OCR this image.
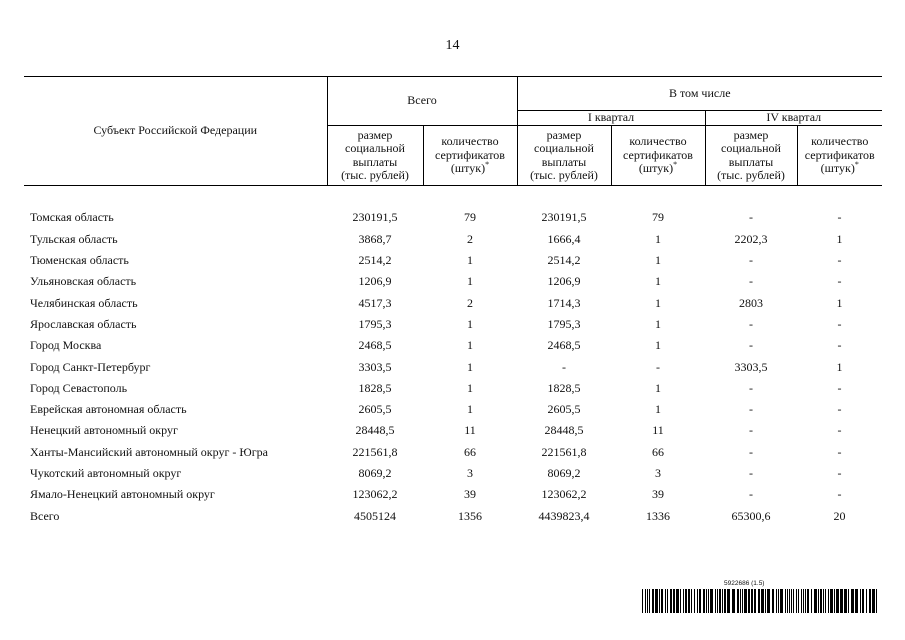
14
Субъект Российской Федерации	Всего		В том числе			
			I квартал		IV квартал	
	размер
социальной
выплаты
(тыс. рублей)	количество
сертификатов
(штук)*	размер
социальной
выплаты
(тыс. рублей)	количество
сертификатов
(штук)*	размер
социальной
выплаты
(тыс. рублей)	количество
сертификатов
(штук)*

Томская область	230191,5	79	230191,5	79	-	-
Тульская область	3868,7	2	1666,4	1	2202,3	1
Тюменская область	2514,2	1	2514,2	1	-	-
Ульяновская область	1206,9	1	1206,9	1	-	-
Челябинская область	4517,3	2	1714,3	1	2803	1
Ярославская область	1795,3	1	1795,3	1	-	-
Город Москва	2468,5	1	2468,5	1	-	-
Город Санкт-Петербург	3303,5	1	-	-	3303,5	1
Город Севастополь	1828,5	1	1828,5	1	-	-
Еврейская автономная область	2605,5	1	2605,5	1	-	-
Ненецкий автономный округ	28448,5	11	28448,5	11	-	-
Ханты-Мансийский автономный округ - Югра	221561,8	66	221561,8	66	-	-
Чукотский автономный округ	8069,2	3	8069,2	3	-	-
Ямало-Ненецкий автономный округ	123062,2	39	123062,2	39	-	-
Всего	4505124	1356	4439823,4	1336	65300,6	20
5922686 (1.5)
